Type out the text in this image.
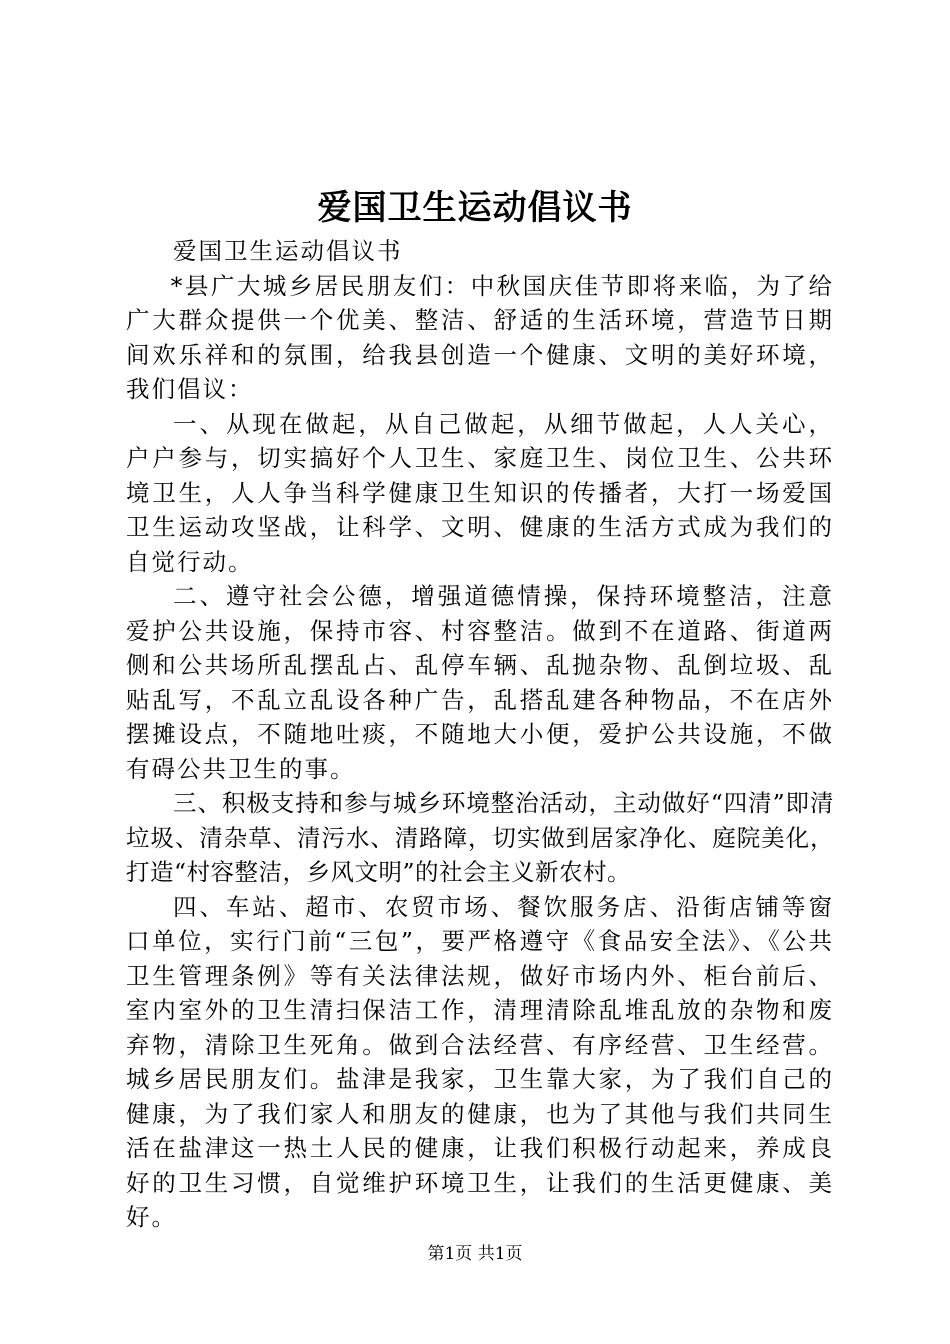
爱国卫生运动倡议书

爱国卫生运动倡议书

*县广大城乡居民朋友们：中秋国庆佳节即将来临，为了给广大群众提供一个优美、整洁、舒适的生活环境，营造节日期间欢乐祥和的氛围，给我县创造一个健康、文明的美好环境，我们倡议：

一、从现在做起，从自己做起，从细节做起，人人关心，户户参与，切实搞好个人卫生、家庭卫生、岗位卫生、公共环境卫生，人人争当科学健康卫生知识的传播者，大打一场爱国卫生运动攻坚战，让科学、文明、健康的生活方式成为我们的自觉行动。

二、遵守社会公德，增强道德情操，保持环境整洁，注意爱护公共设施，保持市容、村容整洁。做到不在道路、街道两侧和公共场所乱摆乱占、乱停车辆、乱抛杂物、乱倒垃圾、乱贴乱写，不乱立乱设各种广告，乱搭乱建各种物品，不在店外摆摊设点，不随地吐痰，不随地大小便，爱护公共设施，不做有碍公共卫生的事。

三、积极支持和参与城乡环境整治活动，主动做好“四清”即清垃圾、清杂草、清污水、清路障，切实做到居家净化、庭院美化，打造“村容整洁，乡风文明”的社会主义新农村。

四、车站、超市、农贸市场、餐饮服务店、沿街店铺等窗口单位，实行门前“三包”，要严格遵守《食品安全法》、《公共卫生管理条例》等有关法律法规，做好市场内外、柜台前后、室内室外的卫生清扫保洁工作，清理清除乱堆乱放的杂物和废弃物，清除卫生死角。做到合法经营、有序经营、卫生经营。城乡居民朋友们。盐津是我家，卫生靠大家，为了我们自己的健康，为了我们家人和朋友的健康，也为了其他与我们共同生活在盐津这一热土人民的健康，让我们积极行动起来，养成良好的卫生习惯，自觉维护环境卫生，让我们的生活更健康、美好。

第1页 共1页
